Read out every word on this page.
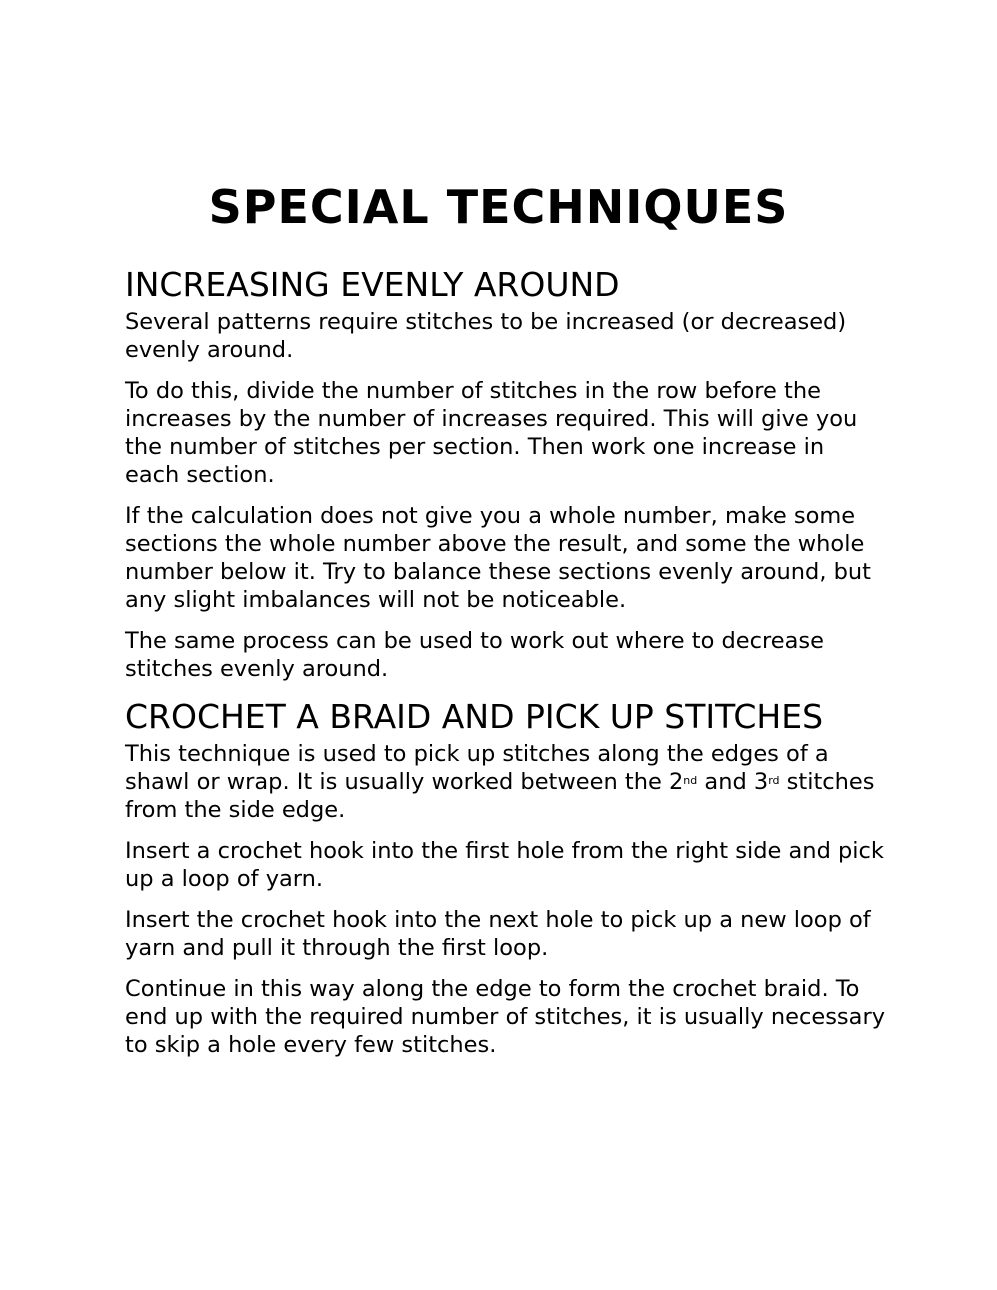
SPECIAL TECHNIQUES
INCREASING EVENLY AROUND

Several patterns require stitches to be increased (or decreased) evenly around.

To do this, divide the number of stitches in the row before the increases by the number of increases required. This will give you the number of stitches per section. Then work one increase in each section.

If the calculation does not give you a whole number, make some sections the whole number above the result, and some the whole number below it. Try to balance these sections evenly around, but any slight imbalances will not be noticeable.

The same process can be used to work out where to decrease stitches evenly around.

CROCHET A BRAID AND PICK UP STITCHES

This technique is used to pick up stitches along the edges of a shawl or wrap. It is usually worked between the 2nd and 3rd stitches from the side edge.

Insert a crochet hook into the first hole from the right side and pick up a loop of yarn.

Insert the crochet hook into the next hole to pick up a new loop of yarn and pull it through the first loop.

Continue in this way along the edge to form the crochet braid. To end up with the required number of stitches, it is usually necessary to skip a hole every few stitches.
